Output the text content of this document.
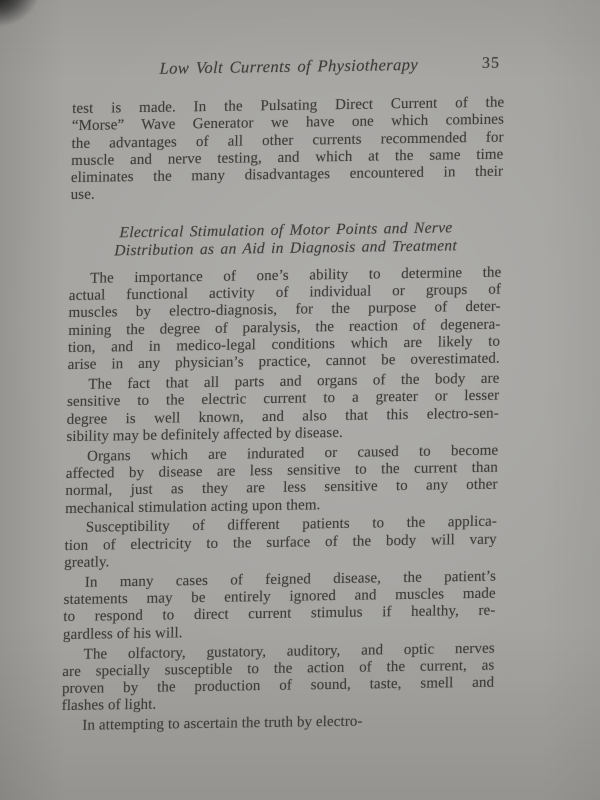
Low Volt Currents of Physiotherapy	35
test is made. In the Pulsating Direct Current of the
“Morse” Wave Generator we have one which combines
the advantages of all other currents recommended for
muscle and nerve testing, and which at the same time
eliminates the many disadvantages encountered in their
use.
Electrical Stimulation of Motor Points and Nerve
Distribution as an Aid in Diagnosis and Treatment
The importance of one’s ability to determine the
actual functional activity of individual or groups of
muscles by electro-diagnosis, for the purpose of deter-
mining the degree of paralysis, the reaction of degenera-
tion, and in medico-legal conditions which are likely to
arise in any physician’s practice, cannot be overestimated.
The fact that all parts and organs of the body are
sensitive to the electric current to a greater or lesser
degree is well known, and also that this electro-sen-
sibility may be definitely affected by disease.
Organs which are indurated or caused to become
affected by disease are less sensitive to the current than
normal, just as they are less sensitive to any other
mechanical stimulation acting upon them.
Susceptibility of different patients to the applica-
tion of electricity to the surface of the body will vary
greatly.
In many cases of feigned disease, the patient’s
statements may be entirely ignored and muscles made
to respond to direct current stimulus if healthy, re-
gardless of his will.
The olfactory, gustatory, auditory, and optic nerves
are specially susceptible to the action of the current, as
proven by the production of sound, taste, smell and
flashes of light.
In attempting to ascertain the truth by electro-
